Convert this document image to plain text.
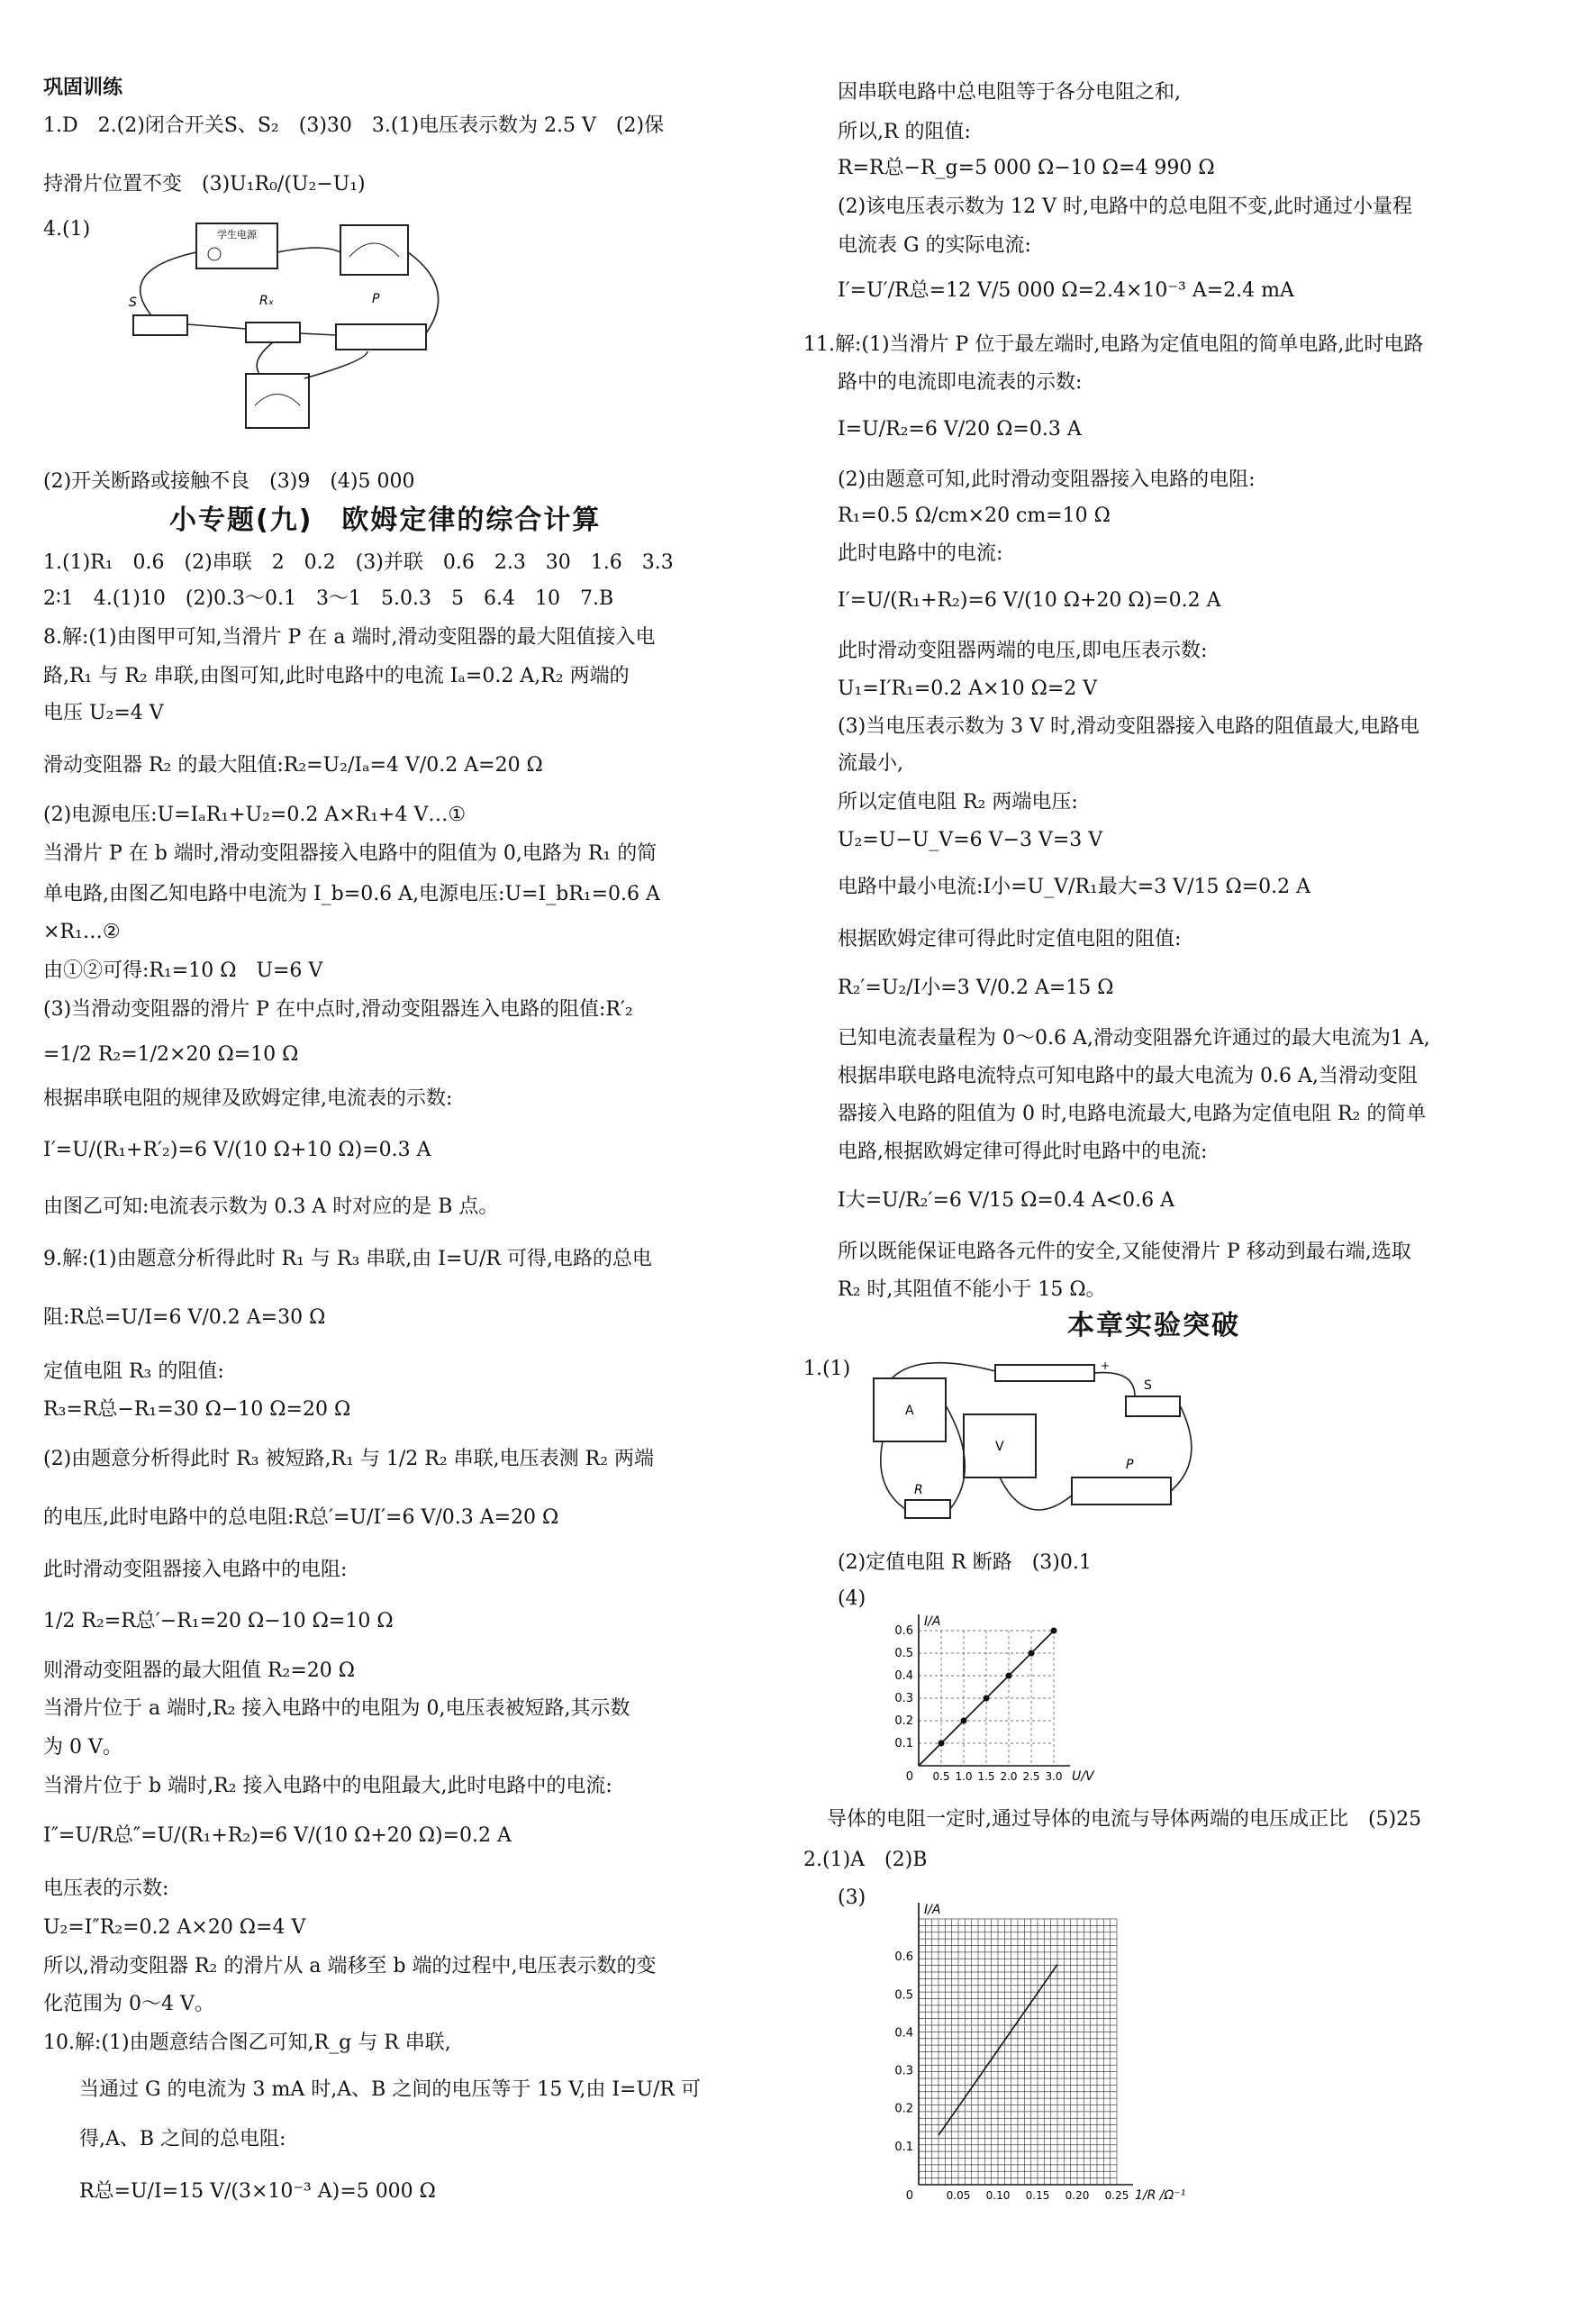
巩固训练
1.D　2.(2)闭合开关S、S₂　(3)30　3.(1)电压表示数为 2.5 V　(2)保
持滑片位置不变　(3)U₁R₀/(U₂−U₁)
4.(1)	学生电源
S	Rₓ	P
(2)开关断路或接触不良　(3)9　(4)5 000
小专题(九)　欧姆定律的综合计算
1.(1)R₁　0.6　(2)串联　2　0.2　(3)并联　0.6　2.3　30　1.6　3.3
2∶1　4.(1)10　(2)0.3～0.1　3～1　5.0.3　5　6.4　10　7.B
8.解:(1)由图甲可知,当滑片 P 在 a 端时,滑动变阻器的最大阻值接入电
路,R₁ 与 R₂ 串联,由图可知,此时电路中的电流 Iₐ=0.2 A,R₂ 两端的
电压 U₂=4 V
滑动变阻器 R₂ 的最大阻值:R₂=U₂/Iₐ=4 V/0.2 A=20 Ω
(2)电源电压:U=IₐR₁+U₂=0.2 A×R₁+4 V…①
当滑片 P 在 b 端时,滑动变阻器接入电路中的阻值为 0,电路为 R₁ 的简
单电路,由图乙知电路中电流为 I_b=0.6 A,电源电压:U=I_bR₁=0.6 A
×R₁…②
由①②可得:R₁=10 Ω　U=6 V
(3)当滑动变阻器的滑片 P 在中点时,滑动变阻器连入电路的阻值:R′₂
=1/2 R₂=1/2×20 Ω=10 Ω
根据串联电阻的规律及欧姆定律,电流表的示数:
I′=U/(R₁+R′₂)=6 V/(10 Ω+10 Ω)=0.3 A
由图乙可知:电流表示数为 0.3 A 时对应的是 B 点。
9.解:(1)由题意分析得此时 R₁ 与 R₃ 串联,由 I=U/R 可得,电路的总电
阻:R总=U/I=6 V/0.2 A=30 Ω
定值电阻 R₃ 的阻值:
R₃=R总−R₁=30 Ω−10 Ω=20 Ω
(2)由题意分析得此时 R₃ 被短路,R₁ 与 1/2 R₂ 串联,电压表测 R₂ 两端
的电压,此时电路中的总电阻:R总′=U/I′=6 V/0.3 A=20 Ω
此时滑动变阻器接入电路中的电阻:
1/2 R₂=R总′−R₁=20 Ω−10 Ω=10 Ω
则滑动变阻器的最大阻值 R₂=20 Ω
当滑片位于 a 端时,R₂ 接入电路中的电阻为 0,电压表被短路,其示数
为 0 V。
当滑片位于 b 端时,R₂ 接入电路中的电阻最大,此时电路中的电流:
I″=U/R总″=U/(R₁+R₂)=6 V/(10 Ω+20 Ω)=0.2 A
电压表的示数:
U₂=I″R₂=0.2 A×20 Ω=4 V
所以,滑动变阻器 R₂ 的滑片从 a 端移至 b 端的过程中,电压表示数的变
化范围为 0～4 V。
10.解:(1)由题意结合图乙可知,R_g 与 R 串联,
当通过 G 的电流为 3 mA 时,A、B 之间的电压等于 15 V,由 I=U/R 可
得,A、B 之间的总电阻:
R总=U/I=15 V/(3×10⁻³ A)=5 000 Ω
因串联电路中总电阻等于各分电阻之和,
所以,R 的阻值:
R=R总−R_g=5 000 Ω−10 Ω=4 990 Ω
(2)该电压表示数为 12 V 时,电路中的总电阻不变,此时通过小量程
电流表 G 的实际电流:
I′=U′/R总=12 V/5 000 Ω=2.4×10⁻³ A=2.4 mA
11.解:(1)当滑片 P 位于最左端时,电路为定值电阻的简单电路,此时电路
路中的电流即电流表的示数:
I=U/R₂=6 V/20 Ω=0.3 A
(2)由题意可知,此时滑动变阻器接入电路的电阻:
R₁=0.5 Ω/cm×20 cm=10 Ω
此时电路中的电流:
I′=U/(R₁+R₂)=6 V/(10 Ω+20 Ω)=0.2 A
此时滑动变阻器两端的电压,即电压表示数:
U₁=I′R₁=0.2 A×10 Ω=2 V
(3)当电压表示数为 3 V 时,滑动变阻器接入电路的阻值最大,电路电
流最小,
所以定值电阻 R₂ 两端电压:
U₂=U−U_V=6 V−3 V=3 V
电路中最小电流:I小=U_V/R₁最大=3 V/15 Ω=0.2 A
根据欧姆定律可得此时定值电阻的阻值:
R₂′=U₂/I小=3 V/0.2 A=15 Ω
已知电流表量程为 0～0.6 A,滑动变阻器允许通过的最大电流为1 A,
根据串联电路电流特点可知电路中的最大电流为 0.6 A,当滑动变阻
器接入电路的阻值为 0 时,电路电流最大,电路为定值电阻 R₂ 的简单
电路,根据欧姆定律可得此时电路中的电流:
I大=U/R₂′=6 V/15 Ω=0.4 A<0.6 A
所以既能保证电路各元件的安全,又能使滑片 P 移动到最右端,选取
R₂ 时,其阻值不能小于 15 Ω。
本章实验突破
1.(1)
A
V
+
S
R
P
(2)定值电阻 R 断路　(3)0.1
(4)
I/A
U/V
0 0.5 1.0 1.5 2.0 2.5 3.0
0.1
0.2
0.3
0.4
0.5
0.6
导体的电阻一定时,通过导体的电流与导体两端的电压成正比　(5)25
2.(1)A　(2)B
(3)
I/A
1/R /Ω⁻¹
0	0.05 0.10 0.15 0.20 0.25
0.1
0.2
0.3
0.4
0.5
0.6
